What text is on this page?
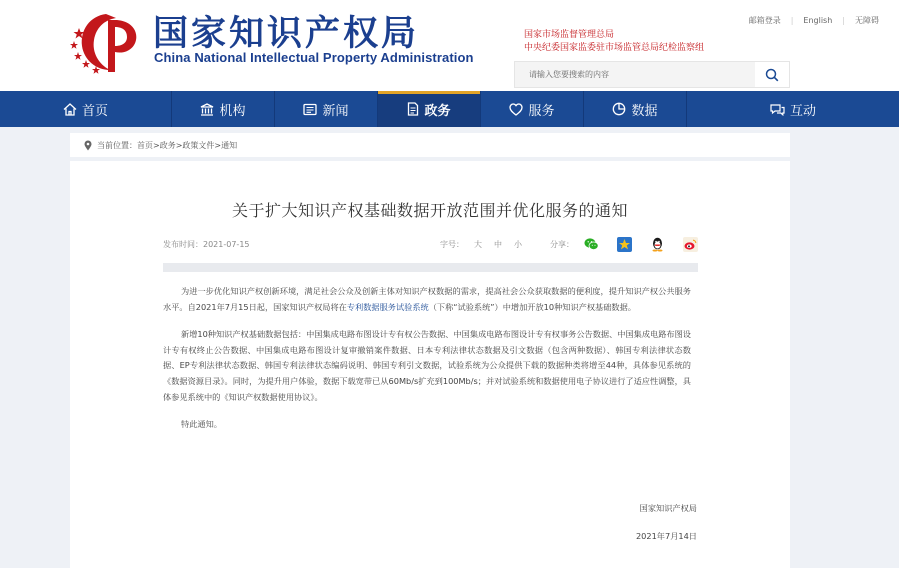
国家知识产权局
China National Intellectual Property Administration
邮箱登录	|	English	|	无障碍
国家市场监督管理总局
中央纪委国家监委驻市场监管总局纪检监察组
请输入您要搜索的内容
首页	机构	新闻	政务	服务	数据	互动
当前位置： 首页>政务>政策文件>通知
关于扩大知识产权基础数据开放范围并优化服务的通知
发布时间：2021-07-15	字号： 大 中 小	分享：

为进一步优化知识产权创新环境，满足社会公众及创新主体对知识产权数据的需求，提高社会公众获取数据的便利度，提升知识产权公共服务水平。自2021年7月15日起，国家知识产权局将在专利数据服务试验系统（下称“试验系统”）中增加开放10种知识产权基础数据。

新增10种知识产权基础数据包括：中国集成电路布图设计专有权公告数据、中国集成电路布图设计专有权事务公告数据、中国集成电路布图设计专有权终止公告数据、中国集成电路布图设计复审撤销案件数据、日本专利法律状态数据及引文数据（包含两种数据）、韩国专利法律状态数据、EP专利法律状态数据、韩国专利法律状态编码说明、韩国专利引文数据，试验系统为公众提供下载的数据种类将增至44种，具体参见系统的《数据资源目录》。同时，为提升用户体验，数据下载宽带已从60Mb/s扩充到100Mb/s；并对试验系统和数据使用电子协议进行了适应性调整，具体参见系统中的《知识产权数据使用协议》。

特此通知。

国家知识产权局
2021年7月14日
